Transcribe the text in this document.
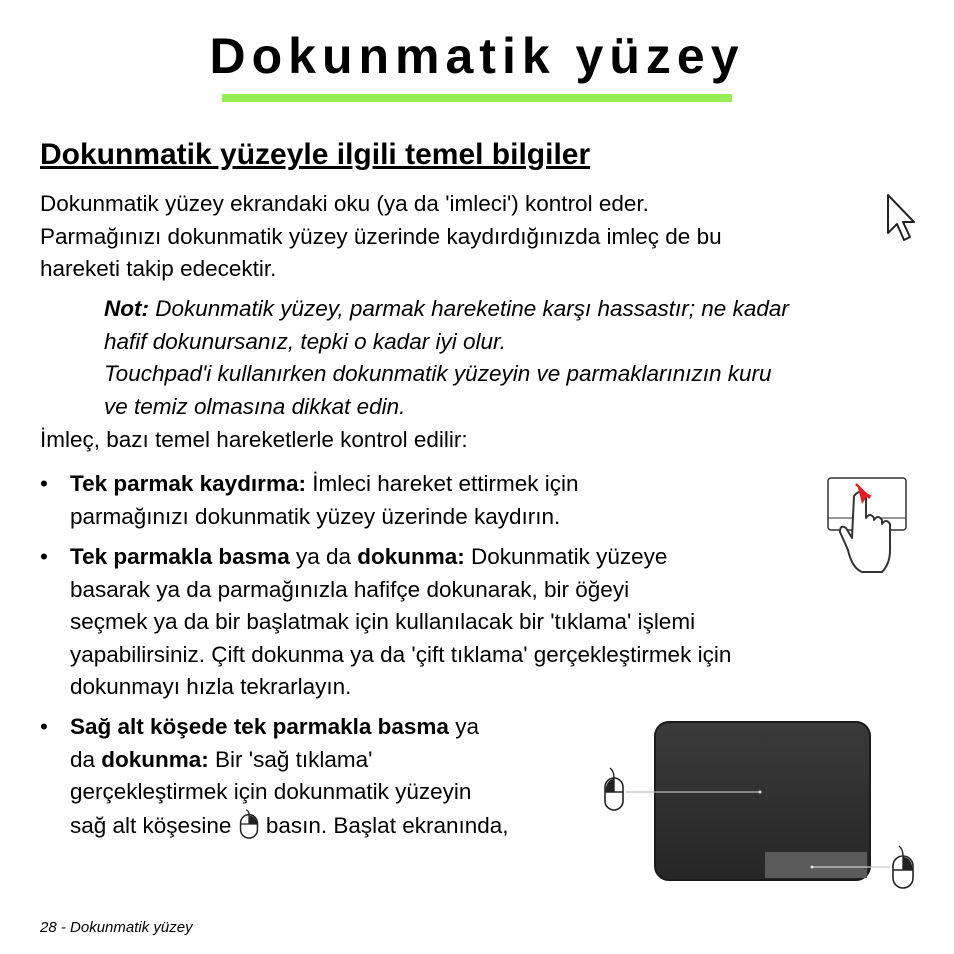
Dokunmatik yüzey
Dokunmatik yüzeyle ilgili temel bilgiler

Dokunmatik yüzey ekrandaki oku (ya da 'imleci') kontrol eder.

Parmağınızı dokunmatik yüzey üzerinde kaydırdığınızda imleç de bu

hareketi takip edecektir.

Not: Dokunmatik yüzey, parmak hareketine karşı hassastır; ne kadar

hafif dokunursanız, tepki o kadar iyi olur.

Touchpad'i kullanırken dokunmatik yüzeyin ve parmaklarınızın kuru

ve temiz olmasına dikkat edin.

İmleç, bazı temel hareketlerle kontrol edilir:

• Tek parmak kaydırma: İmleci hareket ettirmek için

parmağınızı dokunmatik yüzey üzerinde kaydırın.

• Tek parmakla basma ya da dokunma: Dokunmatik yüzeye

basarak ya da parmağınızla hafifçe dokunarak, bir öğeyi

seçmek ya da bir başlatmak için kullanılacak bir 'tıklama' işlemi

yapabilirsiniz. Çift dokunma ya da 'çift tıklama' gerçekleştirmek için

dokunmayı hızla tekrarlayın.

• Sağ alt köşede tek parmakla basma ya

da dokunma: Bir 'sağ tıklama'

gerçekleştirmek için dokunmatik yüzeyin

sağ alt köşesine  basın. Başlat ekranında,

28 - Dokunmatik yüzey
